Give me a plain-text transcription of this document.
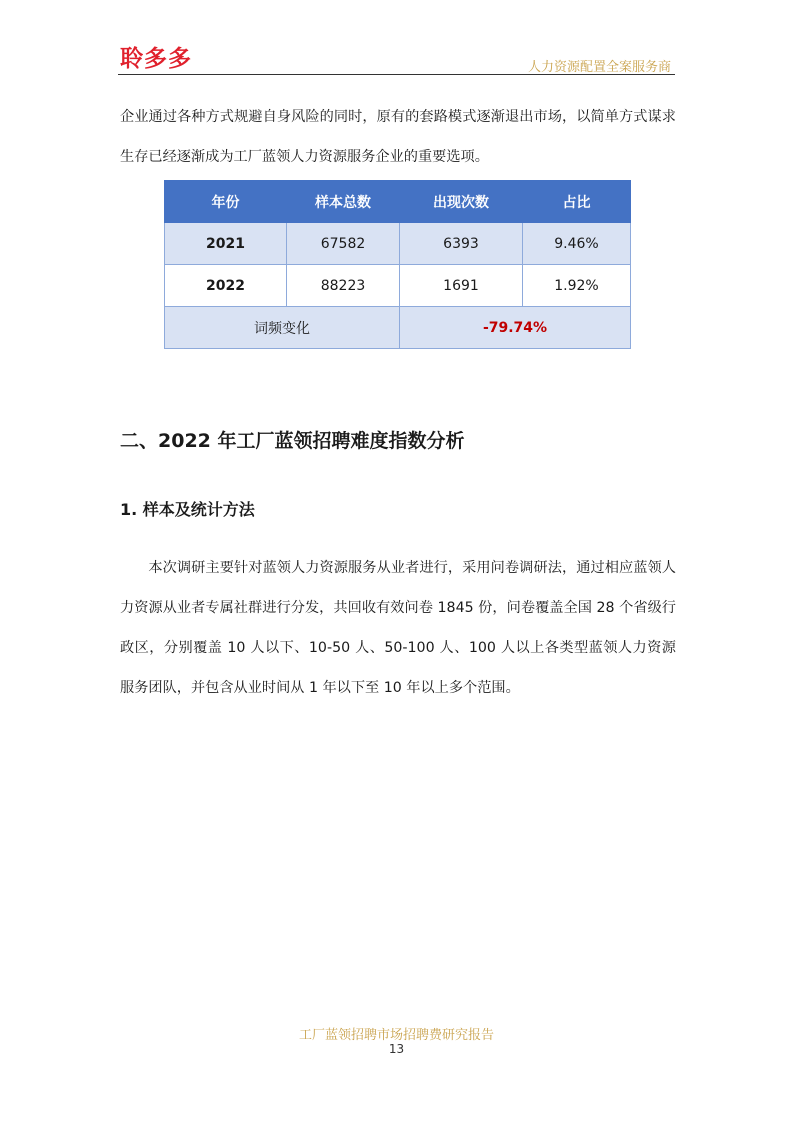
聆多多	人力资源配置全案服务商

企业通过各种方式规避自身风险的同时，原有的套路模式逐渐退出市场，以简单方式谋求生存已经逐渐成为工厂蓝领人力资源服务企业的重要选项。

年份	样本总数	出现次数	占比
2021	67582	6393	9.46%
2022	88223	1691	1.92%
词频变化		-79.74%	
二、2022 年工厂蓝领招聘难度指数分析
1. 样本及统计方法

本次调研主要针对蓝领人力资源服务从业者进行，采用问卷调研法，通过相应蓝领人力资源从业者专属社群进行分发，共回收有效问卷 1845 份，问卷覆盖全国 28 个省级行政区，分别覆盖 10 人以下、10-50 人、50-100 人、100 人以上各类型蓝领人力资源服务团队，并包含从业时间从 1 年以下至 10 年以上多个范围。

工厂蓝领招聘市场招聘费研究报告
13
